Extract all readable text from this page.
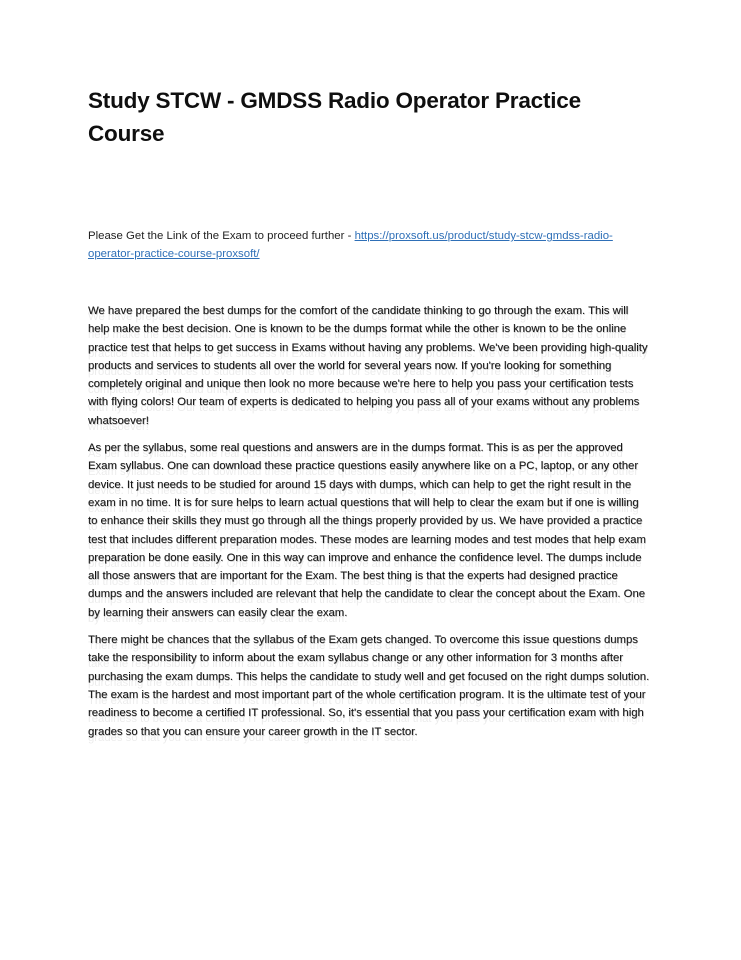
Study STCW - GMDSS Radio Operator Practice Course

Please Get the Link of the Exam to proceed further - https://proxsoft.us/product/study-stcw-gmdss-radio-operator-practice-course-proxsoft/

We have prepared the best dumps for the comfort of the candidate thinking to go through the exam. This will help make the best decision. One is known to be the dumps format while the other is known to be the online practice test that helps to get success in Exams without having any problems. We've been providing high-quality products and services to students all over the world for several years now. If you're looking for something completely original and unique then look no more because we're here to help you pass your certification tests with flying colors! Our team of experts is dedicated to helping you pass all of your exams without any problems whatsoever!

As per the syllabus, some real questions and answers are in the dumps format. This is as per the approved Exam syllabus. One can download these practice questions easily anywhere like on a PC, laptop, or any other device. It just needs to be studied for around 15 days with dumps, which can help to get the right result in the exam in no time. It is for sure helps to learn actual questions that will help to clear the exam but if one is willing to enhance their skills they must go through all the things properly provided by us. We have provided a practice test that includes different preparation modes. These modes are learning modes and test modes that help exam preparation be done easily. One in this way can improve and enhance the confidence level. The dumps include all those answers that are important for the Exam. The best thing is that the experts had designed practice dumps and the answers included are relevant that help the candidate to clear the concept about the Exam. One by learning their answers can easily clear the exam.

There might be chances that the syllabus of the Exam gets changed. To overcome this issue questions dumps take the responsibility to inform about the exam syllabus change or any other information for 3 months after purchasing the exam dumps. This helps the candidate to study well and get focused on the right dumps solution. The exam is the hardest and most important part of the whole certification program. It is the ultimate test of your readiness to become a certified IT professional. So, it's essential that you pass your certification exam with high grades so that you can ensure your career growth in the IT sector.
